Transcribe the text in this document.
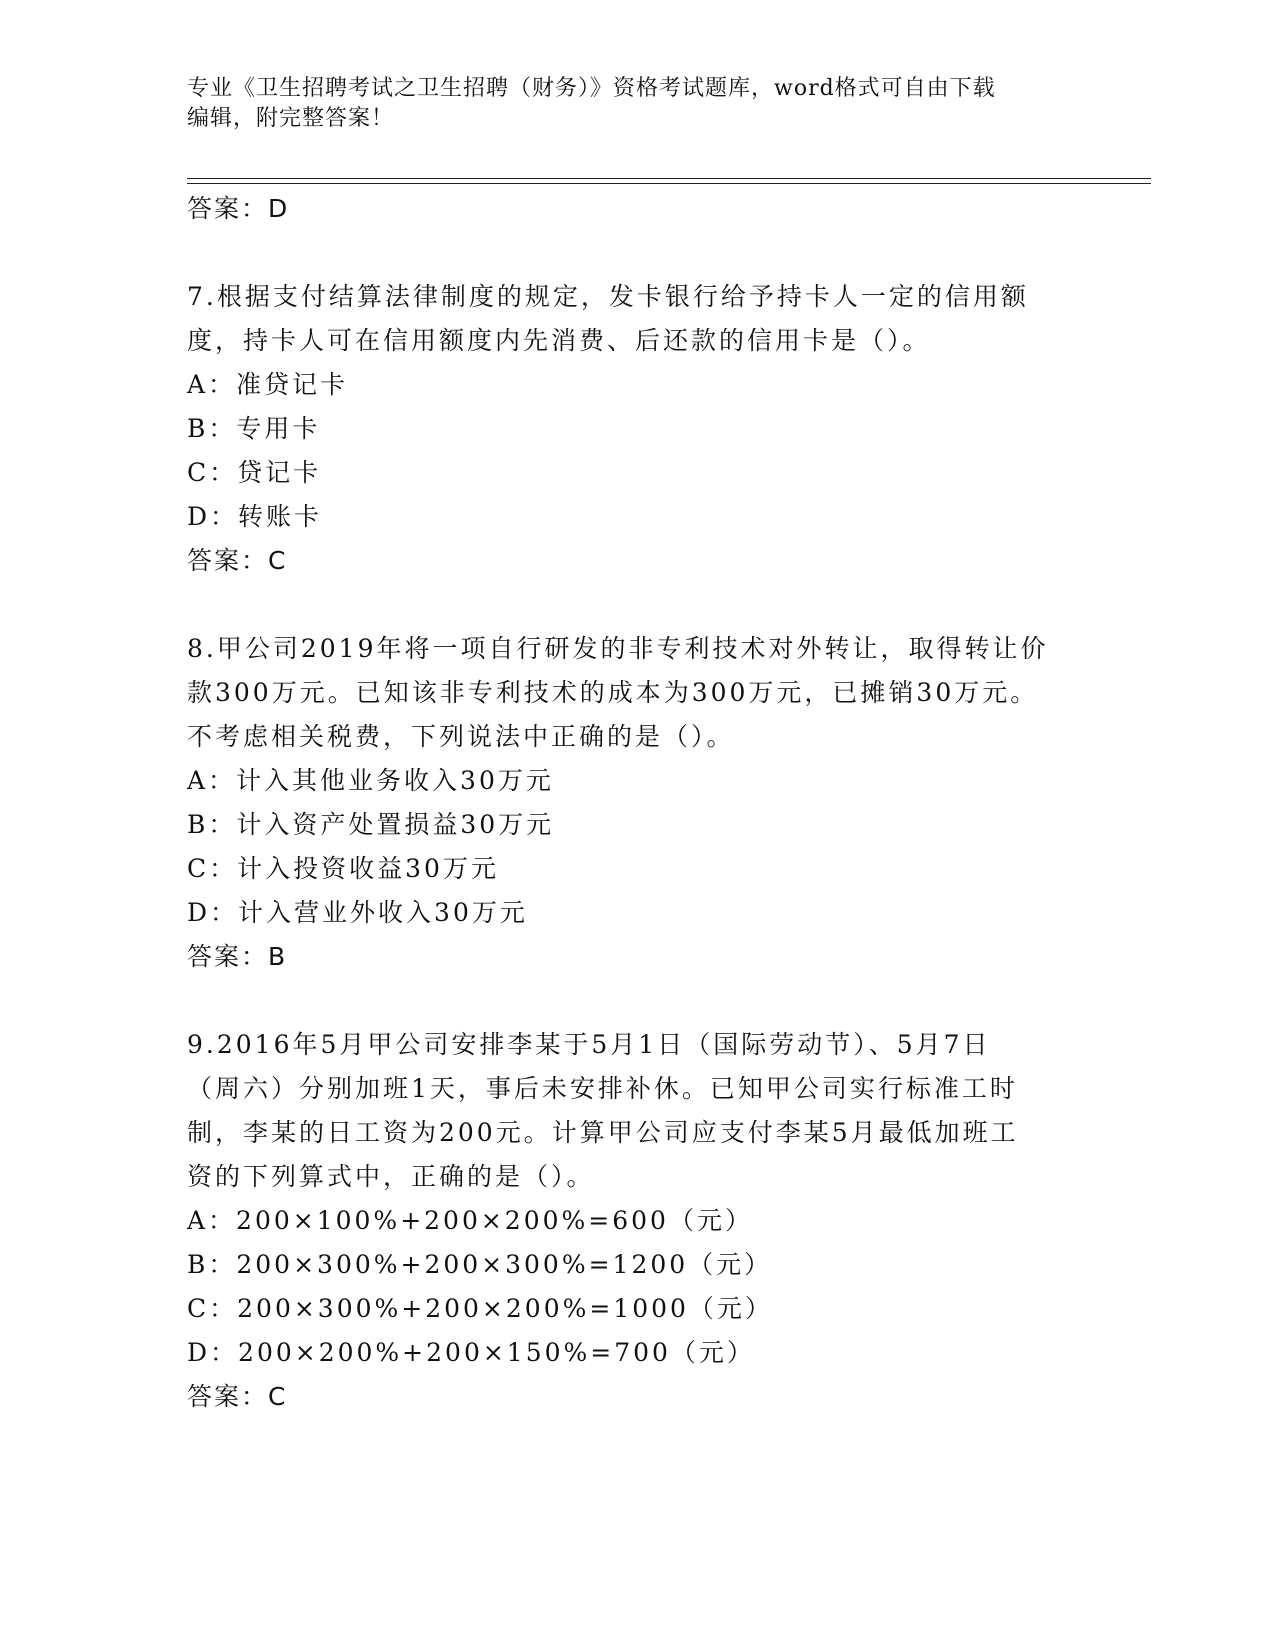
专业《卫生招聘考试之卫生招聘（财务）》资格考试题库，word格式可自由下载
编辑，附完整答案！
答案：D
7.根据支付结算法律制度的规定，发卡银行给予持卡人一定的信用额
度，持卡人可在信用额度内先消费、后还款的信用卡是（）。
A：准贷记卡
B：专用卡
C：贷记卡
D：转账卡
答案：C
8.甲公司2019年将一项自行研发的非专利技术对外转让，取得转让价
款300万元。已知该非专利技术的成本为300万元，已摊销30万元。
不考虑相关税费，下列说法中正确的是（）。
A：计入其他业务收入30万元
B：计入资产处置损益30万元
C：计入投资收益30万元
D：计入营业外收入30万元
答案：B
9.2016年5月甲公司安排李某于5月1日（国际劳动节）、5月7日
（周六）分别加班1天，事后未安排补休。已知甲公司实行标准工时
制，李某的日工资为200元。计算甲公司应支付李某5月最低加班工
资的下列算式中，正确的是（）。
A：200×100%+200×200%=600（元）
B：200×300%+200×300%=1200（元）
C：200×300%+200×200%=1000（元）
D：200×200%+200×150%=700（元）
答案：C
